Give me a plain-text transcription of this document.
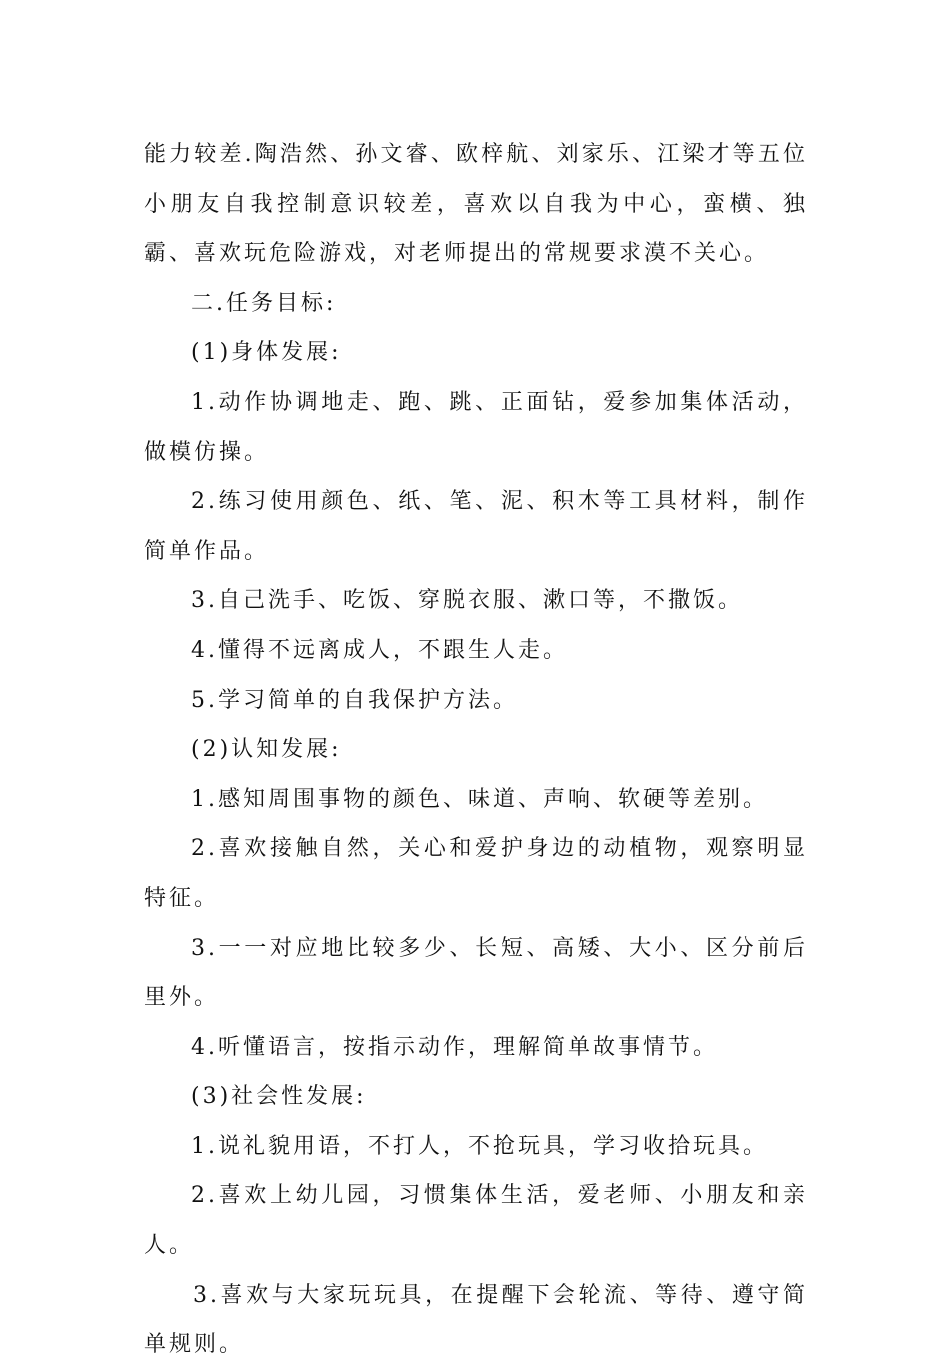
能力较差.陶浩然、孙文睿、欧梓航、刘家乐、江梁才等五位小朋友自我控制意识较差，喜欢以自我为中心，蛮横、独霸、喜欢玩危险游戏，对老师提出的常规要求漠不关心。

二.任务目标:

(1)身体发展:

1.动作协调地走、跑、跳、正面钻，爱参加集体活动，做模仿操。

2.练习使用颜色、纸、笔、泥、积木等工具材料，制作简单作品。

3.自己洗手、吃饭、穿脱衣服、漱口等，不撒饭。

4.懂得不远离成人，不跟生人走。

5.学习简单的自我保护方法。

(2)认知发展:

1.感知周围事物的颜色、味道、声响、软硬等差别。

2.喜欢接触自然，关心和爱护身边的动植物，观察明显特征。

3.一一对应地比较多少、长短、高矮、大小、区分前后里外。

4.听懂语言，按指示动作，理解简单故事情节。

(3)社会性发展:

1.说礼貌用语，不打人，不抢玩具，学习收拾玩具。

2.喜欢上幼儿园，习惯集体生活，爱老师、小朋友和亲人。

3.喜欢与大家玩玩具，在提醒下会轮流、等待、遵守简单规则。
